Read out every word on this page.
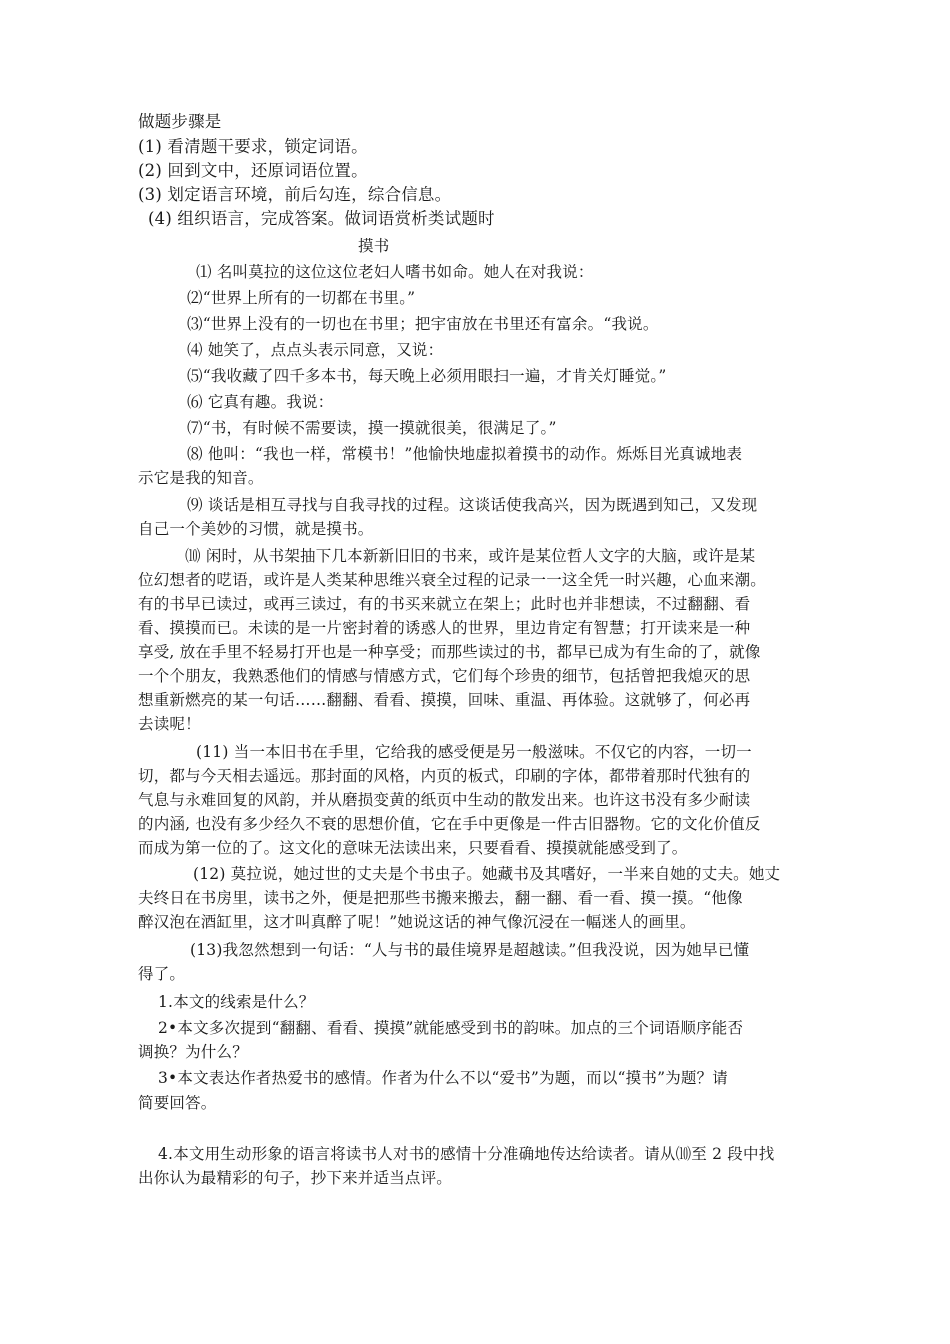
做题步骤是
(1) 看清题干要求，锁定词语。
(2) 回到文中，还原词语位置。
(3) 划定语言环境，前后勾连，综合信息。
(4) 组织语言，完成答案。做词语赏析类试题时
摸书
⑴ 名叫莫拉的这位这位老妇人嗜书如命。她人在对我说：
⑵“世界上所有的一切都在书里。”
⑶“世界上没有的一切也在书里；把宇宙放在书里还有富余。“我说。
⑷ 她笑了，点点头表示同意，又说：
⑸“我收藏了四千多本书，每天晚上必须用眼扫一遍，才肯关灯睡觉。”
⑹ 它真有趣。我说：
⑺“书，有时候不需要读，摸一摸就很美，很满足了。”
⑻ 他叫：“我也一样，常模书！”他愉快地虚拟着摸书的动作。烁烁目光真诚地表
示它是我的知音。
⑼ 谈话是相互寻找与自我寻找的过程。这谈话使我高兴，因为既遇到知己，又发现
自己一个美妙的习惯，就是摸书。
⑽ 闲时，从书架抽下几本新新旧旧的书来，或许是某位哲人文字的大脑，或许是某
位幻想者的呓语，或许是人类某种思维兴衰全过程的记录一一这全凭一时兴趣，心血来潮。
有的书早已读过，或再三读过，有的书买来就立在架上；此时也并非想读，不过翻翻、看
看、摸摸而已。未读的是一片密封着的诱惑人的世界，里边肯定有智慧；打开读来是一种
享受, 放在手里不轻易打开也是一种享受；而那些读过的书，都早已成为有生命的了，就像
一个个朋友，我熟悉他们的情感与情感方式，它们每个珍贵的细节，包括曾把我熄灭的思
想重新燃亮的某一句话……翻翻、看看、摸摸，回味、重温、再体验。这就够了，何必再
去读呢！
(11) 当一本旧书在手里，它给我的感受便是另一般滋味。不仅它的内容，一切一
切，都与今天相去遥远。那封面的风格，内页的板式，印刷的字体，都带着那时代独有的
气息与永难回复的风韵，并从磨损变黄的纸页中生动的散发出来。也许这书没有多少耐读
的内涵, 也没有多少经久不衰的思想价值，它在手中更像是一件古旧器物。它的文化价值反
而成为第一位的了。这文化的意味无法读出来，只要看看、摸摸就能感受到了。
(12) 莫拉说，她过世的丈夫是个书虫子。她藏书及其嗜好，一半来自她的丈夫。她丈
夫终日在书房里，读书之外，便是把那些书搬来搬去，翻一翻、看一看、摸一摸。“他像
醉汉泡在酒缸里，这才叫真醉了呢！”她说这话的神气像沉浸在一幅迷人的画里。
(13)我忽然想到一句话：“人与书的最佳境界是超越读。”但我没说，因为她早已懂
得了。
1.本文的线索是什么？
2•本文多次提到“翻翻、看看、摸摸”就能感受到书的韵味。加点的三个词语顺序能否
调换？为什么？
3•本文表达作者热爱书的感情。作者为什么不以“爱书”为题，而以“摸书”为题？请
简要回答。
4.本文用生动形象的语言将读书人对书的感情十分准确地传达给读者。请从⑽至 2 段中找
出你认为最精彩的句子，抄下来并适当点评。
